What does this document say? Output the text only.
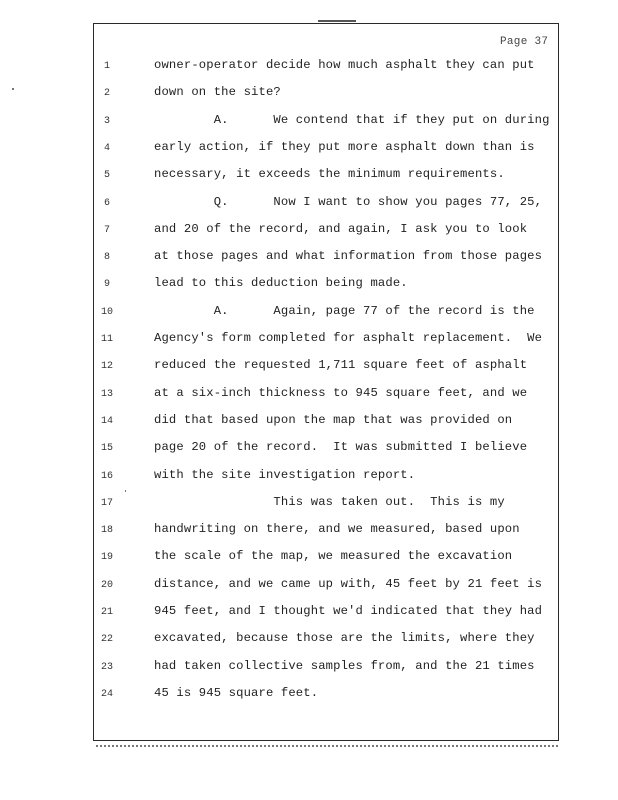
Page 37
1	owner-operator decide how much asphalt they can put
2	down on the site?
3	A.      We contend that if they put on during
4	early action, if they put more asphalt down than is
5	necessary, it exceeds the minimum requirements.
6	Q.      Now I want to show you pages 77, 25,
7	and 20 of the record, and again, I ask you to look
8	at those pages and what information from those pages
9	lead to this deduction being made.
10	A.      Again, page 77 of the record is the
11	Agency's form completed for asphalt replacement.  We
12	reduced the requested 1,711 square feet of asphalt
13	at a six-inch thickness to 945 square feet, and we
14	did that based upon the map that was provided on
15	page 20 of the record.  It was submitted I believe
16	with the site investigation report.
17	This was taken out.  This is my
18	handwriting on there, and we measured, based upon
19	the scale of the map, we measured the excavation
20	distance, and we came up with, 45 feet by 21 feet is
21	945 feet, and I thought we'd indicated that they had
22	excavated, because those are the limits, where they
23	had taken collective samples from, and the 21 times
24	45 is 945 square feet.
